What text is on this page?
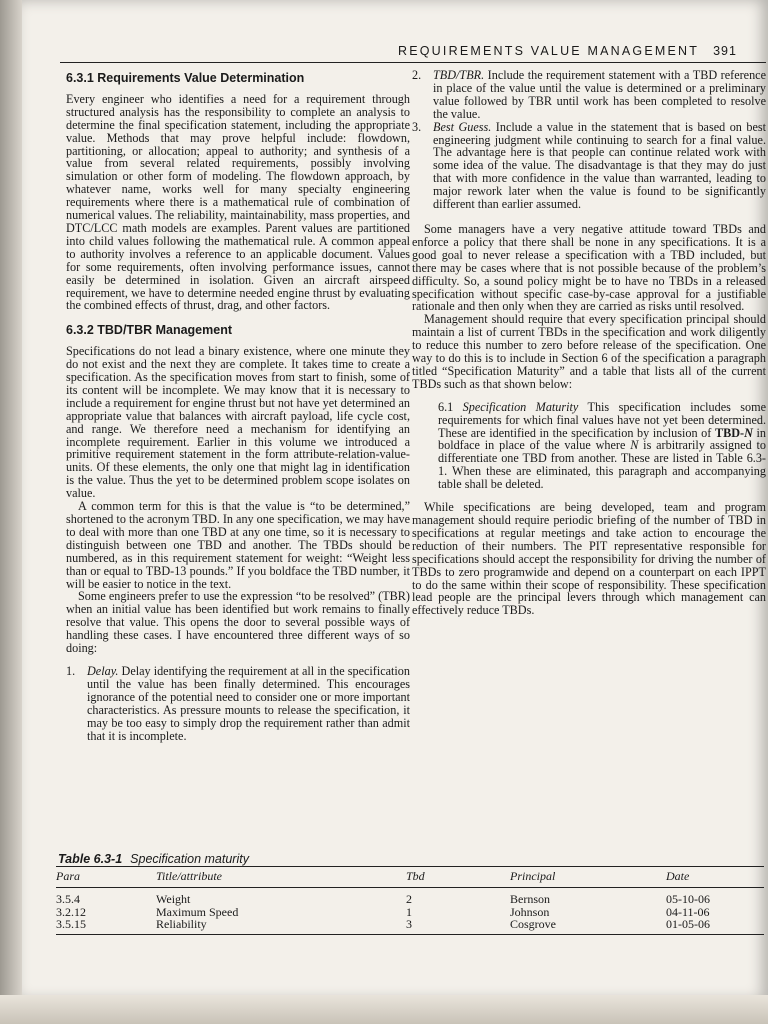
REQUIREMENTS VALUE MANAGEMENT 391
6.3.1 Requirements Value Determination

Every engineer who identifies a need for a requirement through structured analysis has the responsibility to complete an analysis to determine the final specification statement, including the appropriate value. Methods that may prove helpful include: flowdown, partitioning, or allocation; appeal to authority; and synthesis of a value from several related requirements, possibly involving simulation or other form of modeling. The flowdown approach, by whatever name, works well for many specialty engineering requirements where there is a mathematical rule of combination of numerical values. The reliability, maintainability, mass properties, and DTC/LCC math models are examples. Parent values are partitioned into child values following the mathematical rule. A common appeal to authority involves a reference to an applicable document. Values for some requirements, often involving performance issues, cannot easily be determined in isolation. Given an aircraft airspeed requirement, we have to determine needed engine thrust by evaluating the combined effects of thrust, drag, and other factors.

6.3.2 TBD/TBR Management

Specifications do not lead a binary existence, where one minute they do not exist and the next they are complete. It takes time to create a specification. As the specification moves from start to finish, some of its content will be incomplete. We may know that it is necessary to include a requirement for engine thrust but not have yet determined an appropriate value that balances with aircraft payload, life cycle cost, and range. We therefore need a mechanism for identifying an incomplete requirement. Earlier in this volume we introduced a primitive requirement statement in the form attribute-relation-value-units. Of these elements, the only one that might lag in identification is the value. Thus the yet to be determined problem scope isolates on value.

A common term for this is that the value is “to be determined,” shortened to the acronym TBD. In any one specification, we may have to deal with more than one TBD at any one time, so it is necessary to distinguish between one TBD and another. The TBDs should be numbered, as in this requirement statement for weight: “Weight less than or equal to TBD-13 pounds.” If you boldface the TBD number, it will be easier to notice in the text.

Some engineers prefer to use the expression “to be resolved” (TBR) when an initial value has been identified but work remains to finally resolve that value. This opens the door to several possible ways of handling these cases. I have encountered three different ways of so doing:

1. Delay. Delay identifying the requirement at all in the specification until the value has been finally determined. This encourages ignorance of the potential need to consider one or more important characteristics. As pressure mounts to release the specification, it may be too easy to simply drop the requirement rather than admit that it is incomplete.
2. TBD/TBR. Include the requirement statement with a TBD reference in place of the value until the value is determined or a preliminary value followed by TBR until work has been completed to resolve the value.
3. Best Guess. Include a value in the statement that is based on best engineering judgment while continuing to search for a final value. The advantage here is that people can continue related work with some idea of the value. The disadvantage is that they may do just that with more confidence in the value than warranted, leading to major rework later when the value is found to be significantly different than earlier assumed.

Some managers have a very negative attitude toward TBDs and enforce a policy that there shall be none in any specifications. It is a good goal to never release a specification with a TBD included, but there may be cases where that is not possible because of the problem’s difficulty. So, a sound policy might be to have no TBDs in a released specification without specific case-by-case approval for a justifiable rationale and then only when they are carried as risks until resolved.

Management should require that every specification principal should maintain a list of current TBDs in the specification and work diligently to reduce this number to zero before release of the specification. One way to do this is to include in Section 6 of the specification a paragraph titled “Specification Maturity” and a table that lists all of the current TBDs such as that shown below:

6.1 Specification Maturity This specification includes some requirements for which final values have not yet been determined. These are identified in the specification by inclusion of TBD-N in boldface in place of the value where N is arbitrarily assigned to differentiate one TBD from another. These are listed in Table 6.3-1. When these are eliminated, this paragraph and accompanying table shall be deleted.

While specifications are being developed, team and program management should require periodic briefing of the number of TBD in specifications at regular meetings and take action to encourage the reduction of their numbers. The PIT representative responsible for specifications should accept the responsibility for driving the number of TBDs to zero programwide and depend on a counterpart on each IPPT to do the same within their scope of responsibility. These specification lead people are the principal levers through which management can effectively reduce TBDs.

Table 6.3-1 Specification maturity
Para	Title/attribute	Tbd	Principal	Date
3.5.4	Weight	2	Bernson	05-10-06
3.2.12	Maximum Speed	1	Johnson	04-11-06
3.5.15	Reliability	3	Cosgrove	01-05-06
